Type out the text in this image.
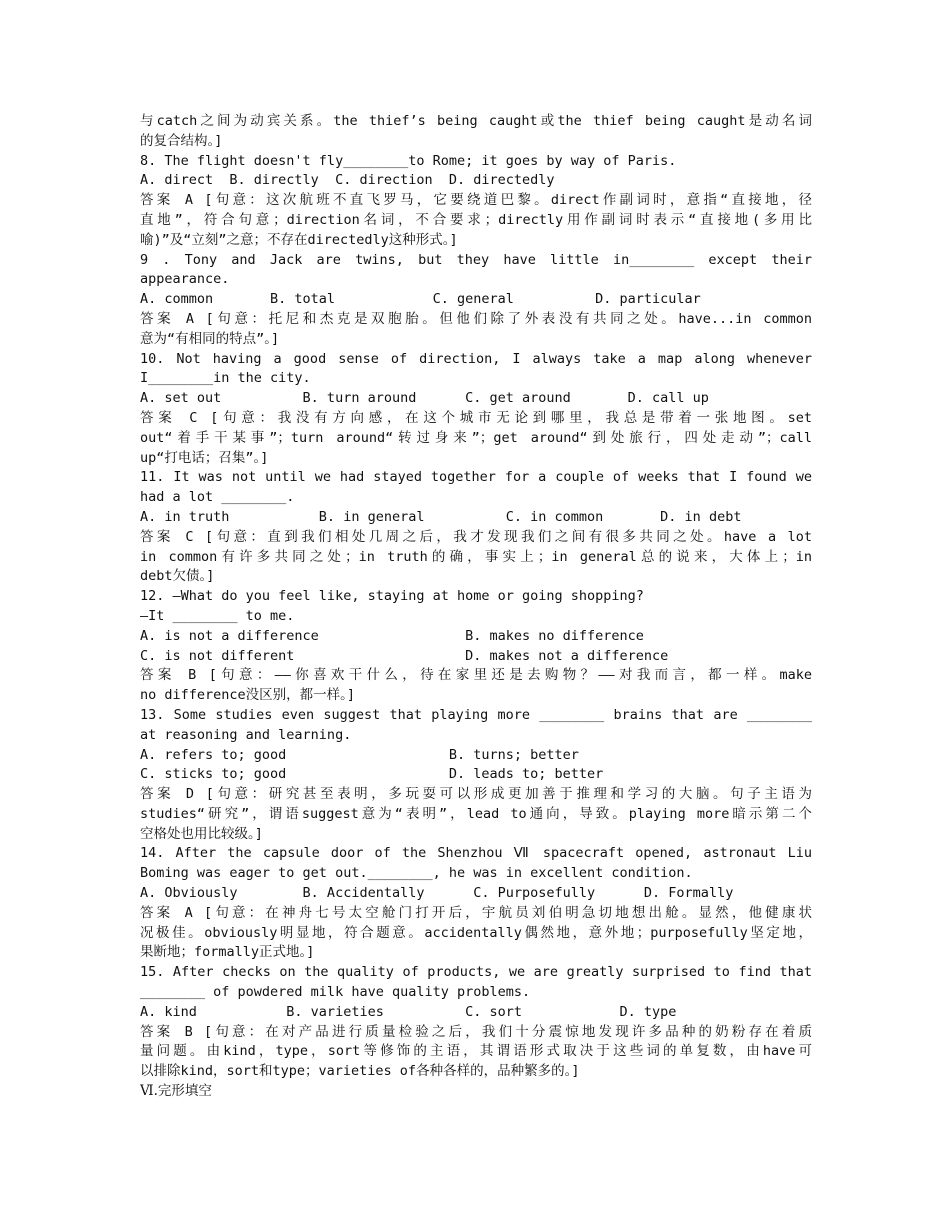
与catch之间为动宾关系。the thief’s being caught或the thief being caught是动名词
的复合结构。]
8. The flight doesn't fly________to Rome; it goes by way of Paris.
A. direct  B. directly  C. direction  D. directedly
答案 A [句意：这次航班不直飞罗马，它要绕道巴黎。direct作副词时，意指“直接地，径
直地”，符合句意；direction名词，不合要求；directly用作副词时表示“直接地(多用比
喻)”及“立刻”之意；不存在directedly这种形式。]
9 . Tony and Jack are twins, but they have little in________ except their
appearance.
A. common       B. total            C. general          D. particular
答案 A [句意：托尼和杰克是双胞胎。但他们除了外表没有共同之处。have...in common
意为“有相同的特点”。]
10. Not having a good sense of direction, I always take a map along whenever
I________in the city.
A. set out          B. turn around      C. get around       D. call up
答案 C [句意：我没有方向感，在这个城市无论到哪里，我总是带着一张地图。set
out“着手干某事”；turn around“转过身来”；get around“到处旅行，四处走动”；call
up“打电话；召集”。]
11. It was not until we had stayed together for a couple of weeks that I found we
had a lot ________.
A. in truth           B. in general          C. in common       D. in debt
答案 C [句意：直到我们相处几周之后，我才发现我们之间有很多共同之处。have a lot
in common有许多共同之处；in truth的确，事实上；in general总的说来，大体上；in
debt欠债。]
12. —What do you feel like, staying at home or going shopping?
—It ________ to me.
A. is not a difference                  B. makes no difference
C. is not different                     D. makes not a difference
答案 B [句意：——你喜欢干什么，待在家里还是去购物？——对我而言，都一样。make
no difference没区别，都一样。]
13. Some studies even suggest that playing more ________ brains that are ________
at reasoning and learning.
A. refers to; good                    B. turns; better
C. sticks to; good                    D. leads to; better
答案 D [句意：研究甚至表明，多玩耍可以形成更加善于推理和学习的大脑。句子主语为
studies“研究”，谓语suggest意为“表明”，lead to通向，导致。playing more暗示第二个
空格处也用比较级。]
14. After the capsule door of the Shenzhou Ⅶ spacecraft opened, astronaut Liu
Boming was eager to get out.________, he was in excellent condition.
A. Obviously        B. Accidentally      C. Purposefully      D. Formally
答案 A [句意：在神舟七号太空舱门打开后，宇航员刘伯明急切地想出舱。显然，他健康状
况极佳。obviously明显地，符合题意。accidentally偶然地，意外地；purposefully坚定地，
果断地；formally正式地。]
15. After checks on the quality of products, we are greatly surprised to find that
________ of powdered milk have quality problems.
A. kind           B. varieties          C. sort            D. type
答案 B [句意：在对产品进行质量检验之后，我们十分震惊地发现许多品种的奶粉存在着质
量问题。由kind，type，sort等修饰的主语，其谓语形式取决于这些词的单复数，由have可
以排除kind，sort和type；varieties of各种各样的，品种繁多的。]
Ⅵ.完形填空
